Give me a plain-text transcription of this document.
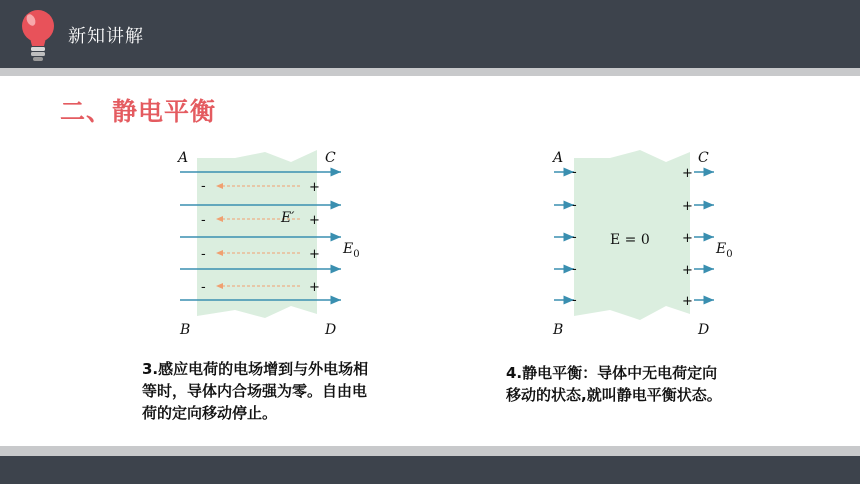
新知讲解
二、静电平衡
-
-
-
-
+
+
+
+
A	C
B	D
E′
$E_0$
-
-
-
-
-
+
+
+
+
+
A	C
B	D
E = 0
$E_0$
3.感应电荷的电场增到与外电场相
等时，导体内合场强为零。自由电
荷的定向移动停止。
4.静电平衡：导体中无电荷定向
移动的状态,就叫静电平衡状态。
